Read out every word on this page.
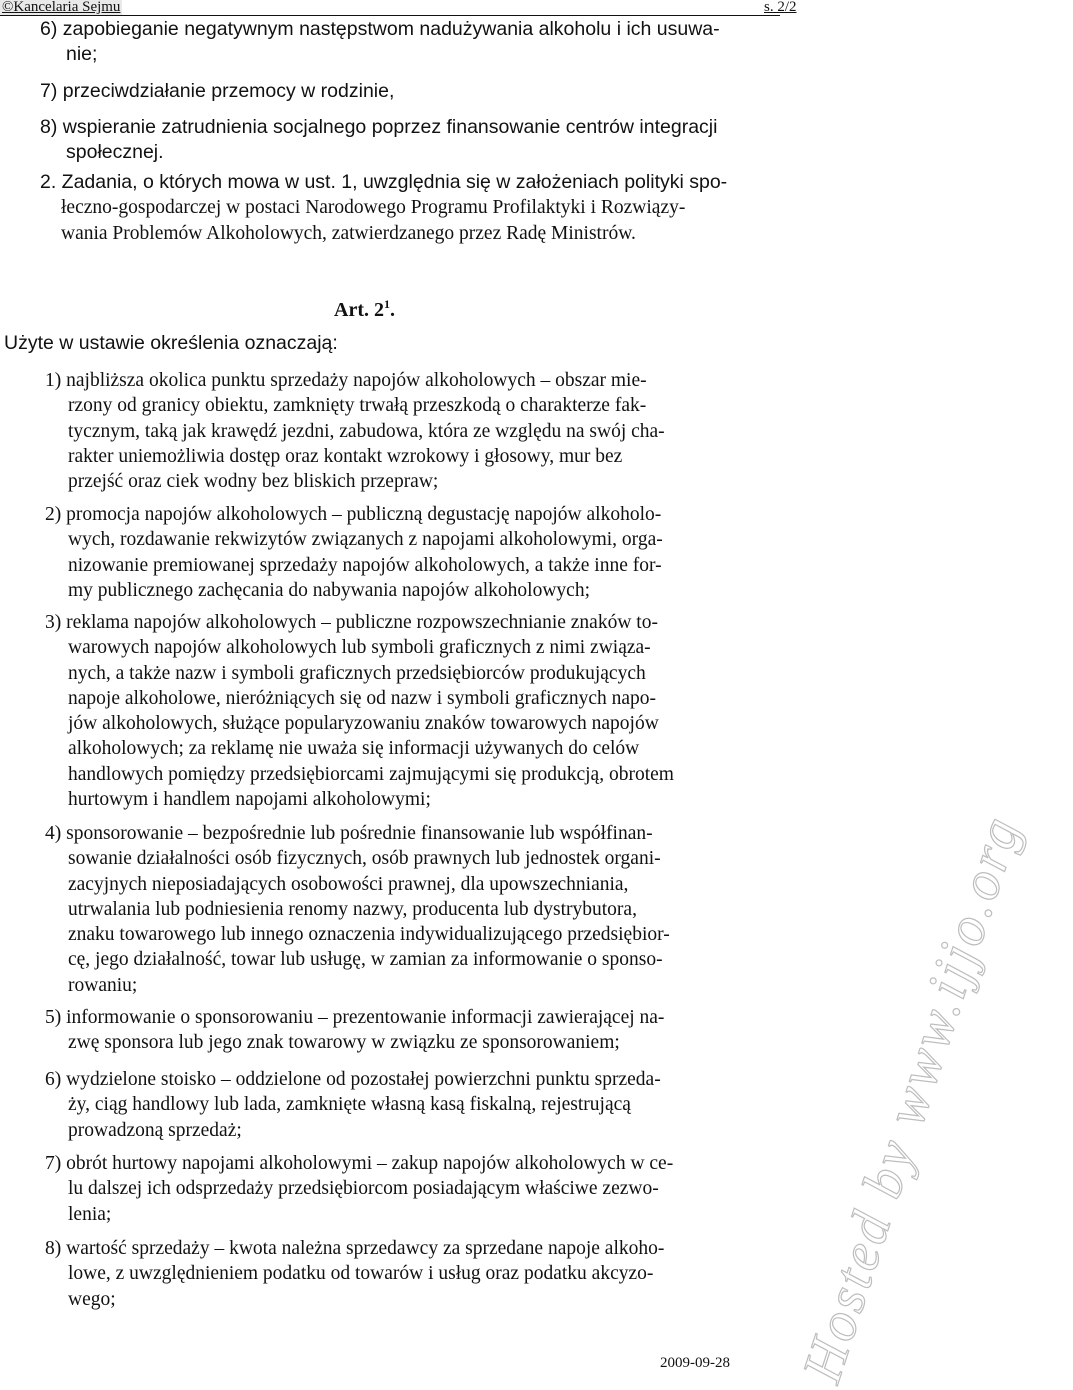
©Kancelaria Sejmu	s. 2/2
6) zapobieganie negatywnym następstwom nadużywania alkoholu i ich usuwa-
nie;
7) przeciwdziałanie przemocy w rodzinie,
8) wspieranie zatrudnienia socjalnego poprzez finansowanie centrów integracji
społecznej.
2. Zadania, o których mowa w ust. 1, uwzględnia się w założeniach polityki spo-
łeczno-gospodarczej w postaci Narodowego Programu Profilaktyki i Rozwiązy-
wania Problemów Alkoholowych, zatwierdzanego przez Radę Ministrów.
Art. $2^1$.
Użyte w ustawie określenia oznaczają:
1) najbliższa okolica punktu sprzedaży napojów alkoholowych – obszar mie-
rzony od granicy obiektu, zamknięty trwałą przeszkodą o charakterze fak-
tycznym, taką jak krawędź jezdni, zabudowa, która ze względu na swój cha-
rakter uniemożliwia dostęp oraz kontakt wzrokowy i głosowy, mur bez
przejść oraz ciek wodny bez bliskich przepraw;
2) promocja napojów alkoholowych – publiczną degustację napojów alkoholo-
wych, rozdawanie rekwizytów związanych z napojami alkoholowymi, orga-
nizowanie premiowanej sprzedaży napojów alkoholowych, a także inne for-
my publicznego zachęcania do nabywania napojów alkoholowych;
3) reklama napojów alkoholowych – publiczne rozpowszechnianie znaków to-
warowych napojów alkoholowych lub symboli graficznych z nimi związa-
nych, a także nazw i symboli graficznych przedsiębiorców produkujących
napoje alkoholowe, nieróżniących się od nazw i symboli graficznych napo-
jów alkoholowych, służące popularyzowaniu znaków towarowych napojów
alkoholowych; za reklamę nie uważa się informacji używanych do celów
handlowych pomiędzy przedsiębiorcami zajmującymi się produkcją, obrotem
hurtowym i handlem napojami alkoholowymi;
4) sponsorowanie – bezpośrednie lub pośrednie finansowanie lub współfinan-
sowanie działalności osób fizycznych, osób prawnych lub jednostek organi-
zacyjnych nieposiadających osobowości prawnej, dla upowszechniania,
utrwalania lub podniesienia renomy nazwy, producenta lub dystrybutora,
znaku towarowego lub innego oznaczenia indywidualizującego przedsiębior-
cę, jego działalność, towar lub usługę, w zamian za informowanie o sponso-
rowaniu;
5) informowanie o sponsorowaniu – prezentowanie informacji zawierającej na-
zwę sponsora lub jego znak towarowy w związku ze sponsorowaniem;
6) wydzielone stoisko – oddzielone od pozostałej powierzchni punktu sprzeda-
ży, ciąg handlowy lub lada, zamknięte własną kasą fiskalną, rejestrującą
prowadzoną sprzedaż;
7) obrót hurtowy napojami alkoholowymi – zakup napojów alkoholowych w ce-
lu dalszej ich odsprzedaży przedsiębiorcom posiadającym właściwe zezwo-
lenia;
8) wartość sprzedaży – kwota należna sprzedawcy za sprzedane napoje alkoho-
lowe, z uwzględnieniem podatku od towarów i usług oraz podatku akcyzo-
wego;
2009-09-28 Hosted by www.ijjo.org
